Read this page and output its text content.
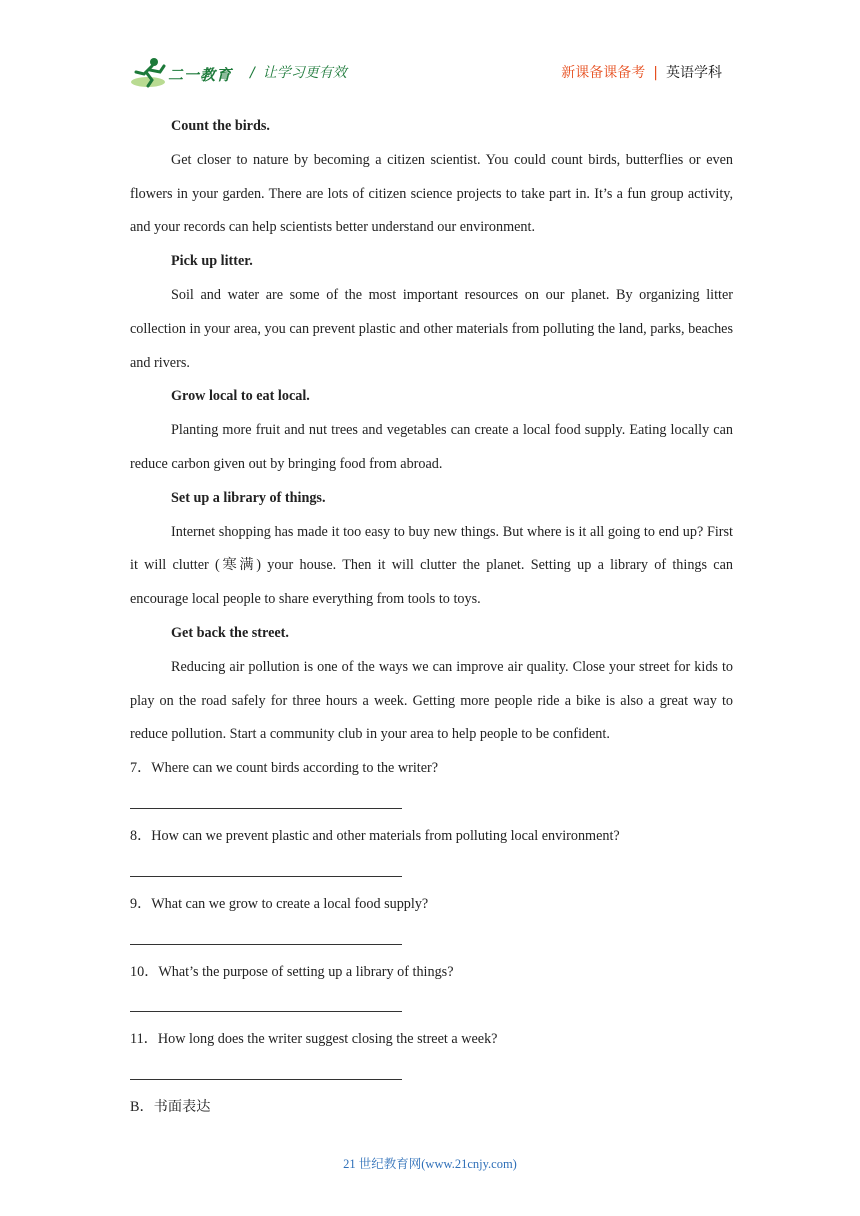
二一教育 / 让学习更有效	新课备课备考 | 英语学科

Count the birds.

Get closer to nature by becoming a citizen scientist. You could count birds, butterflies or even flowers in your garden. There are lots of citizen science projects to take part in. It’s a fun group activity, and your records can help scientists better understand our environment.

Pick up litter.

Soil and water are some of the most important resources on our planet. By organizing litter collection in your area, you can prevent plastic and other materials from polluting the land, parks, beaches and rivers.

Grow local to eat local.

Planting more fruit and nut trees and vegetables can create a local food supply. Eating locally can reduce carbon given out by bringing food from abroad.

Set up a library of things.

Internet shopping has made it too easy to buy new things. But where is it all going to end up? First it will clutter (寒满) your house. Then it will clutter the planet. Setting up a library of things can encourage local people to share everything from tools to toys.

Get back the street.

Reducing air pollution is one of the ways we can improve air quality. Close your street for kids to play on the road safely for three hours a week. Getting more people ride a bike is also a great way to reduce pollution. Start a community club in your area to help people to be confident.

7．Where can we count birds according to the writer?

8．How can we prevent plastic and other materials from polluting local environment?

9．What can we grow to create a local food supply?

10．What’s the purpose of setting up a library of things?

11．How long does the writer suggest closing the street a week?

B．书面表达

21 世纪教育网(www.21cnjy.com)
